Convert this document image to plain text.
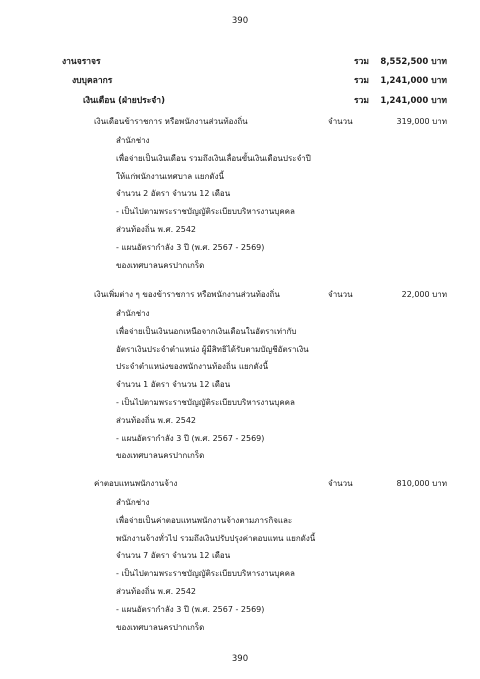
390
งานจราจร	รวม	8,552,500 บาท
งบบุคลากร	รวม	1,241,000 บาท
เงินเดือน (ฝ่ายประจำ)	รวม	1,241,000 บาท
เงินเดือนข้าราชการ หรือพนักงานส่วนท้องถิ่น	จำนวน	319,000 บาท
สำนักช่าง
เพื่อจ่ายเป็นเงินเดือน รวมถึงเงินเลื่อนขั้นเงินเดือนประจำปี
ให้แก่พนักงานเทศบาล แยกดังนี้
จำนวน 2 อัตรา จำนวน 12 เดือน
- เป็นไปตามพระราชบัญญัติระเบียบบริหารงานบุคคล
ส่วนท้องถิ่น พ.ศ. 2542
- แผนอัตรากำลัง 3 ปี (พ.ศ. 2567 - 2569)
ของเทศบาลนครปากเกร็ด
เงินเพิ่มต่าง ๆ ของข้าราชการ หรือพนักงานส่วนท้องถิ่น	จำนวน	22,000 บาท
สำนักช่าง
เพื่อจ่ายเป็นเงินนอกเหนือจากเงินเดือนในอัตราเท่ากับ
อัตราเงินประจำตำแหน่ง ผู้มีสิทธิได้รับตามบัญชีอัตราเงิน
ประจำตำแหน่งของพนักงานท้องถิ่น แยกดังนี้
จำนวน 1 อัตรา จำนวน 12 เดือน
- เป็นไปตามพระราชบัญญัติระเบียบบริหารงานบุคคล
ส่วนท้องถิ่น พ.ศ. 2542
- แผนอัตรากำลัง 3 ปี (พ.ศ. 2567 - 2569)
ของเทศบาลนครปากเกร็ด
ค่าตอบแทนพนักงานจ้าง	จำนวน	810,000 บาท
สำนักช่าง
เพื่อจ่ายเป็นค่าตอบแทนพนักงานจ้างตามภารกิจและ
พนักงานจ้างทั่วไป รวมถึงเงินปรับปรุงค่าตอบแทน แยกดังนี้
จำนวน 7 อัตรา จำนวน 12 เดือน
- เป็นไปตามพระราชบัญญัติระเบียบบริหารงานบุคคล
ส่วนท้องถิ่น พ.ศ. 2542
- แผนอัตรากำลัง 3 ปี (พ.ศ. 2567 - 2569)
ของเทศบาลนครปากเกร็ด
390
